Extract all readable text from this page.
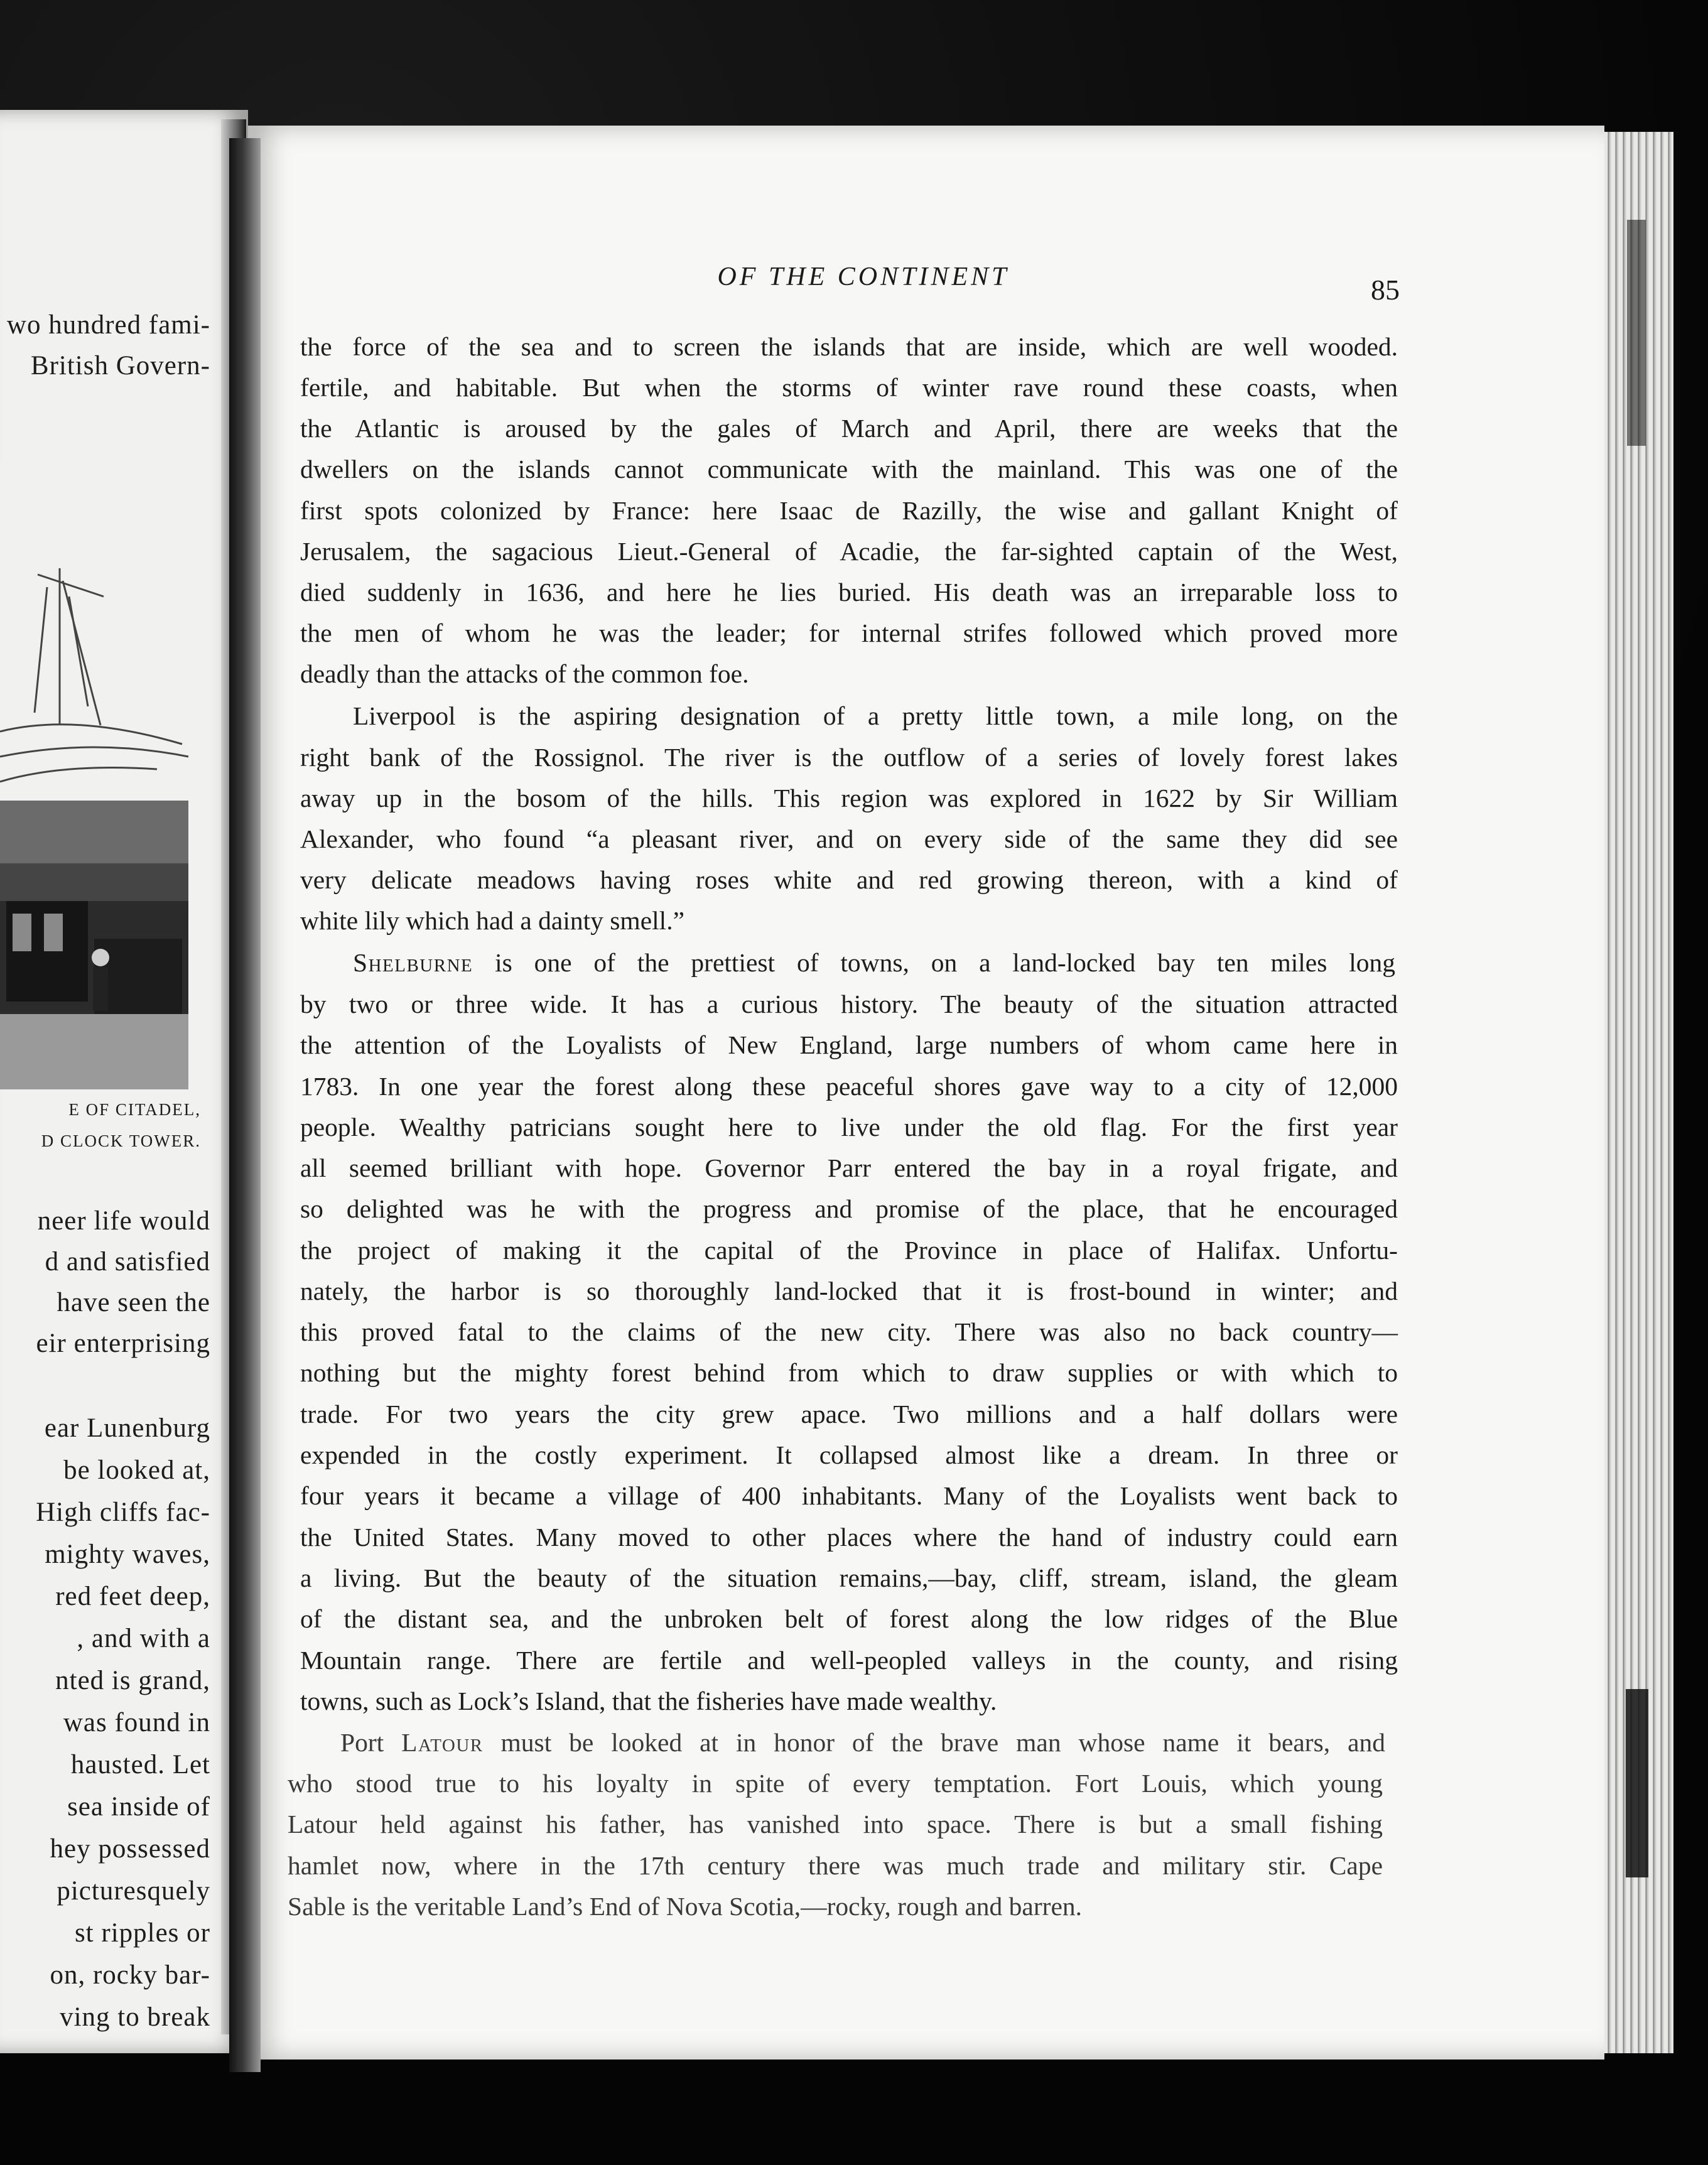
wo hundred fami-
British Govern-
E OF CITADEL,
D CLOCK TOWER.
neer life would
d and satisfied
have seen the
eir enterprising
ear Lunenburg
be looked at,
High cliffs fac-
mighty waves,
red feet deep,
, and with a
nted is grand,
was found in
hausted. Let
sea inside of
hey possessed
picturesquely
st ripples or
on, rocky bar-
ving to break
OF THE CONTINENT	85
the force of the sea and to screen the islands that are inside, which are well wooded.
fertile, and habitable. But when the storms of winter rave round these coasts, when
the Atlantic is aroused by the gales of March and April, there are weeks that the
dwellers on the islands cannot communicate with the mainland. This was one of the
first spots colonized by France: here Isaac de Razilly, the wise and gallant Knight of
Jerusalem, the sagacious Lieut.-General of Acadie, the far-sighted captain of the West,
died suddenly in 1636, and here he lies buried. His death was an irreparable loss to
the men of whom he was the leader; for internal strifes followed which proved more
deadly than the attacks of the common foe.
Liverpool is the aspiring designation of a pretty little town, a mile long, on the
right bank of the Rossignol. The river is the outflow of a series of lovely forest lakes
away up in the bosom of the hills. This region was explored in 1622 by Sir William
Alexander, who found “a pleasant river, and on every side of the same they did see
very delicate meadows having roses white and red growing thereon, with a kind of
white lily which had a dainty smell.”
Shelburne is one of the prettiest of towns, on a land-locked bay ten miles long
by two or three wide. It has a curious history. The beauty of the situation attracted
the attention of the Loyalists of New England, large numbers of whom came here in
1783. In one year the forest along these peaceful shores gave way to a city of 12,000
people. Wealthy patricians sought here to live under the old flag. For the first year
all seemed brilliant with hope. Governor Parr entered the bay in a royal frigate, and
so delighted was he with the progress and promise of the place, that he encouraged
the project of making it the capital of the Province in place of Halifax. Unfortu-
nately, the harbor is so thoroughly land-locked that it is frost-bound in winter; and
this proved fatal to the claims of the new city. There was also no back country—
nothing but the mighty forest behind from which to draw supplies or with which to
trade. For two years the city grew apace. Two millions and a half dollars were
expended in the costly experiment. It collapsed almost like a dream. In three or
four years it became a village of 400 inhabitants. Many of the Loyalists went back to
the United States. Many moved to other places where the hand of industry could earn
a living. But the beauty of the situation remains,—bay, cliff, stream, island, the gleam
of the distant sea, and the unbroken belt of forest along the low ridges of the Blue
Mountain range. There are fertile and well-peopled valleys in the county, and rising
towns, such as Lock’s Island, that the fisheries have made wealthy.
Port Latour must be looked at in honor of the brave man whose name it bears, and
who stood true to his loyalty in spite of every temptation. Fort Louis, which young
Latour held against his father, has vanished into space. There is but a small fishing
hamlet now, where in the 17th century there was much trade and military stir. Cape
Sable is the veritable Land’s End of Nova Scotia,—rocky, rough and barren.
